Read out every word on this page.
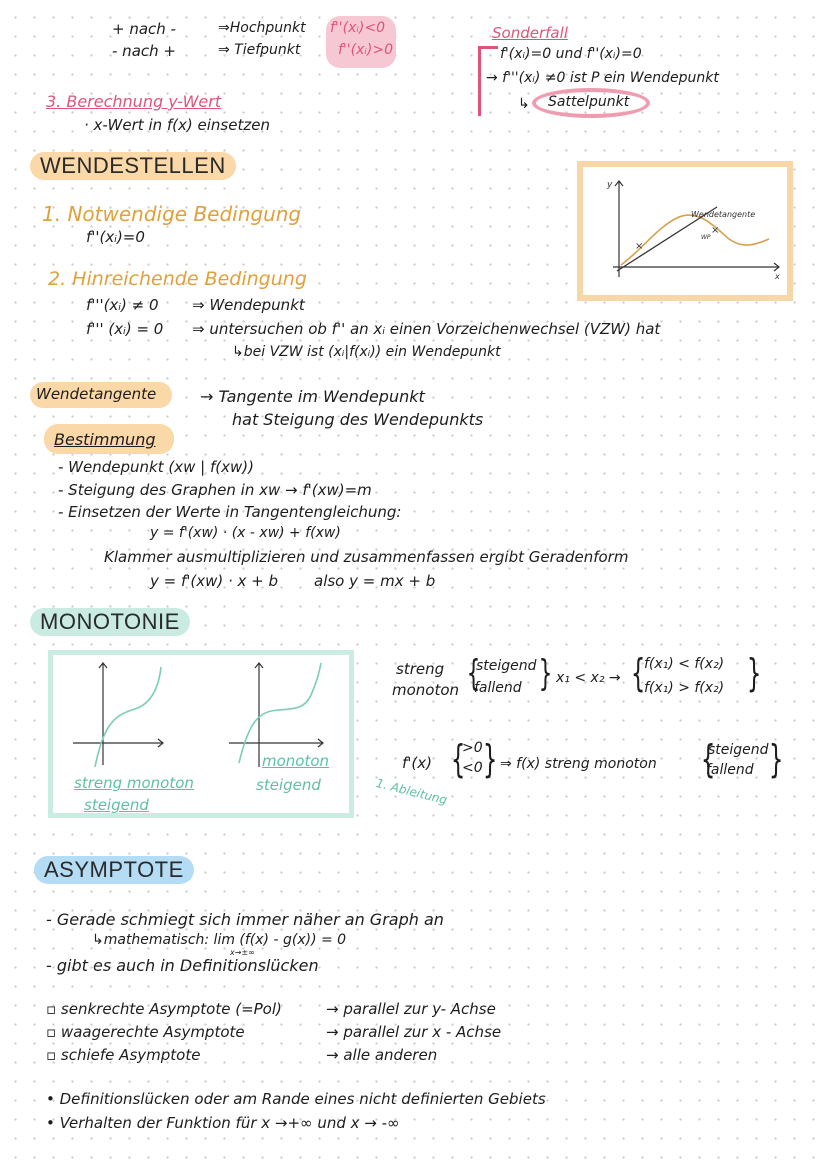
+ nach -	⇒Hochpunkt f''(xᵢ)<0
- nach +	⇒ Tiefpunkt	f''(xᵢ)>0
3. Berechnung y-Wert
· x-Wert in f(x) einsetzen
Sonderfall
f'(xᵢ)=0 und f''(xᵢ)=0
→ f'''(xᵢ) ≠0 ist P ein Wendepunkt
↳ Sattelpunkt
WENDESTELLEN
1. Notwendige Bedingung
f''(xᵢ)=0
2. Hinreichende Bedingung
f'''(xᵢ) ≠ 0 ⇒ Wendepunkt
f''' (xᵢ) = 0 ⇒ untersuchen ob f'' an xᵢ einen Vorzeichenwechsel (VZW) hat
↳bei VZW ist (xᵢ|f(xᵢ)) ein Wendepunkt
×
×
y
x
Wendetangente
WP
Wendetangente	→ Tangente im Wendepunkt
hat Steigung des Wendepunkts
Bestimmung
- Wendepunkt (xw | f(xw))
- Steigung des Graphen in xw → f'(xw)=m
- Einsetzen der Werte in Tangentengleichung:
y = f'(xw) · (x - xw) + f(xw)
Klammer ausmultiplizieren und zusammenfassen ergibt Geradenform
y = f'(xw) · x + b also y = mx + b
MONOTONIE
streng monoton
steigend
monoton
steigend
streng
monoton {
steigend
fallend } x₁ < x₂ → {
f(x₁) < f(x₂)
f(x₁) > f(x₂) }
f'(x) {
>0
<0 } ⇒ f(x) streng monoton {
steigend
fallend }
1. Ableitung
ASYMPTOTE
- Gerade schmiegt sich immer näher an Graph an
↳mathematisch: lim (f(x) - g(x)) = 0
x→±∞
- gibt es auch in Definitionslücken
▫ senkrechte Asymptote (=Pol)	→ parallel zur y- Achse
▫ waagerechte Asymptote	→ parallel zur x - Achse
▫ schiefe Asymptote	→ alle anderen
• Definitionslücken oder am Rande eines nicht definierten Gebiets
• Verhalten der Funktion für x →+∞ und x → -∞
